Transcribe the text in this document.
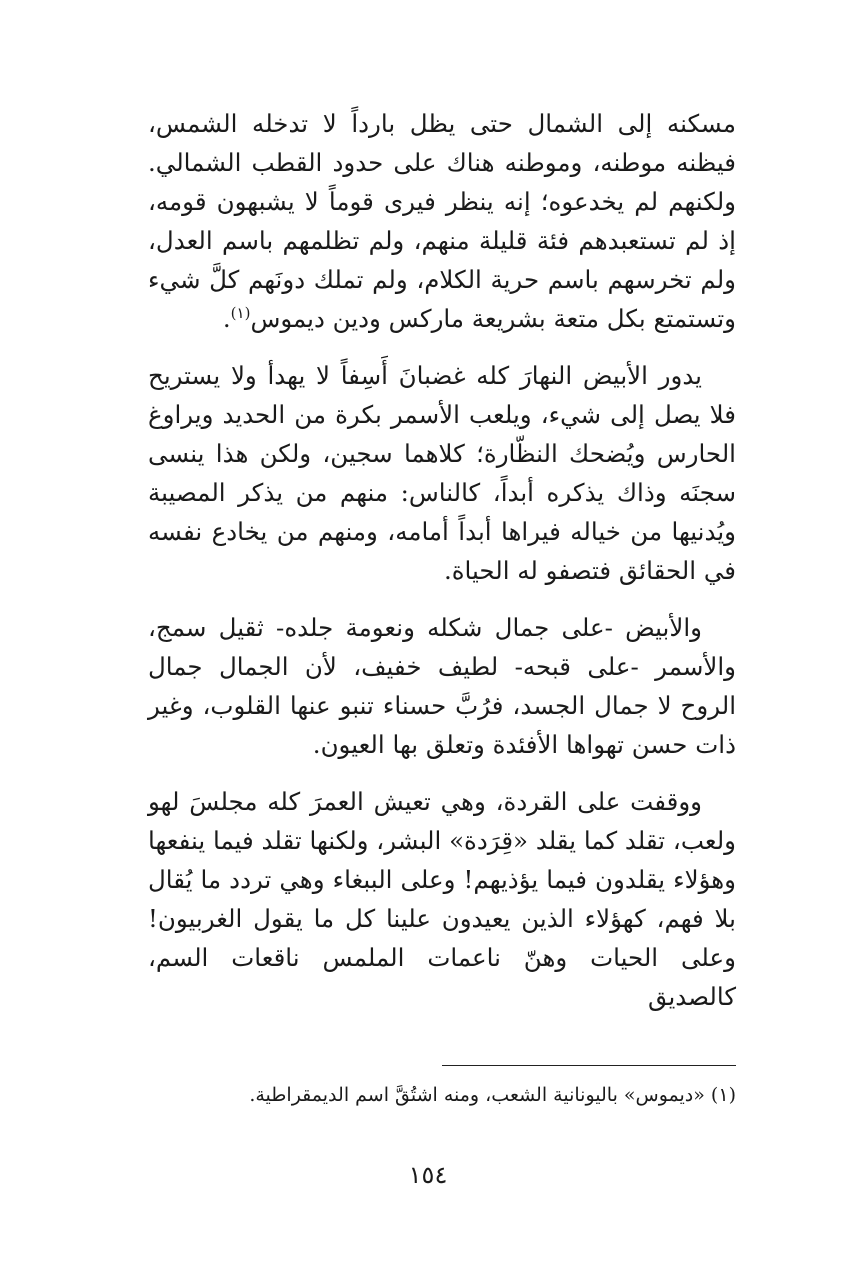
مسكنه إلى الشمال حتى يظل بارداً لا تدخله الشمس، فيظنه موطنه، وموطنه هناك على حدود القطب الشمالي. ولكنهم لم يخدعوه؛ إنه ينظر فيرى قوماً لا يشبهون قومه، إذ لم تستعبدهم فئة قليلة منهم، ولم تظلمهم باسم العدل، ولم تخرسهم باسم حرية الكلام، ولم تملك دونَهم كلَّ شيء وتستمتع بكل متعة بشريعة ماركس ودين ديموس$^{(١)}$.

يدور الأبيض النهارَ كله غضبانَ أَسِفاً لا يهدأ ولا يستريح فلا يصل إلى شيء، ويلعب الأسمر بكرة من الحديد ويراوغ الحارس ويُضحك النظّارة؛ كلاهما سجين، ولكن هذا ينسى سجنَه وذاك يذكره أبداً، كالناس: منهم من يذكر المصيبة ويُدنيها من خياله فيراها أبداً أمامه، ومنهم من يخادع نفسه في الحقائق فتصفو له الحياة.

والأبيض -على جمال شكله ونعومة جلده- ثقيل سمج، والأسمر -على قبحه- لطيف خفيف، لأن الجمال جمال الروح لا جمال الجسد، فرُبَّ حسناء تنبو عنها القلوب، وغير ذات حسن تهواها الأفئدة وتعلق بها العيون.

ووقفت على القردة، وهي تعيش العمرَ كله مجلسَ لهو ولعب، تقلد كما يقلد «قِرَدة» البشر، ولكنها تقلد فيما ينفعها وهؤلاء يقلدون فيما يؤذيهم! وعلى الببغاء وهي تردد ما يُقال بلا فهم، كهؤلاء الذين يعيدون علينا كل ما يقول الغربيون! وعلى الحيات وهنّ ناعمات الملمس ناقعات السم، كالصديق

(١) «ديموس» باليونانية الشعب، ومنه اشتُقَّ اسم الديمقراطية.
١٥٤
